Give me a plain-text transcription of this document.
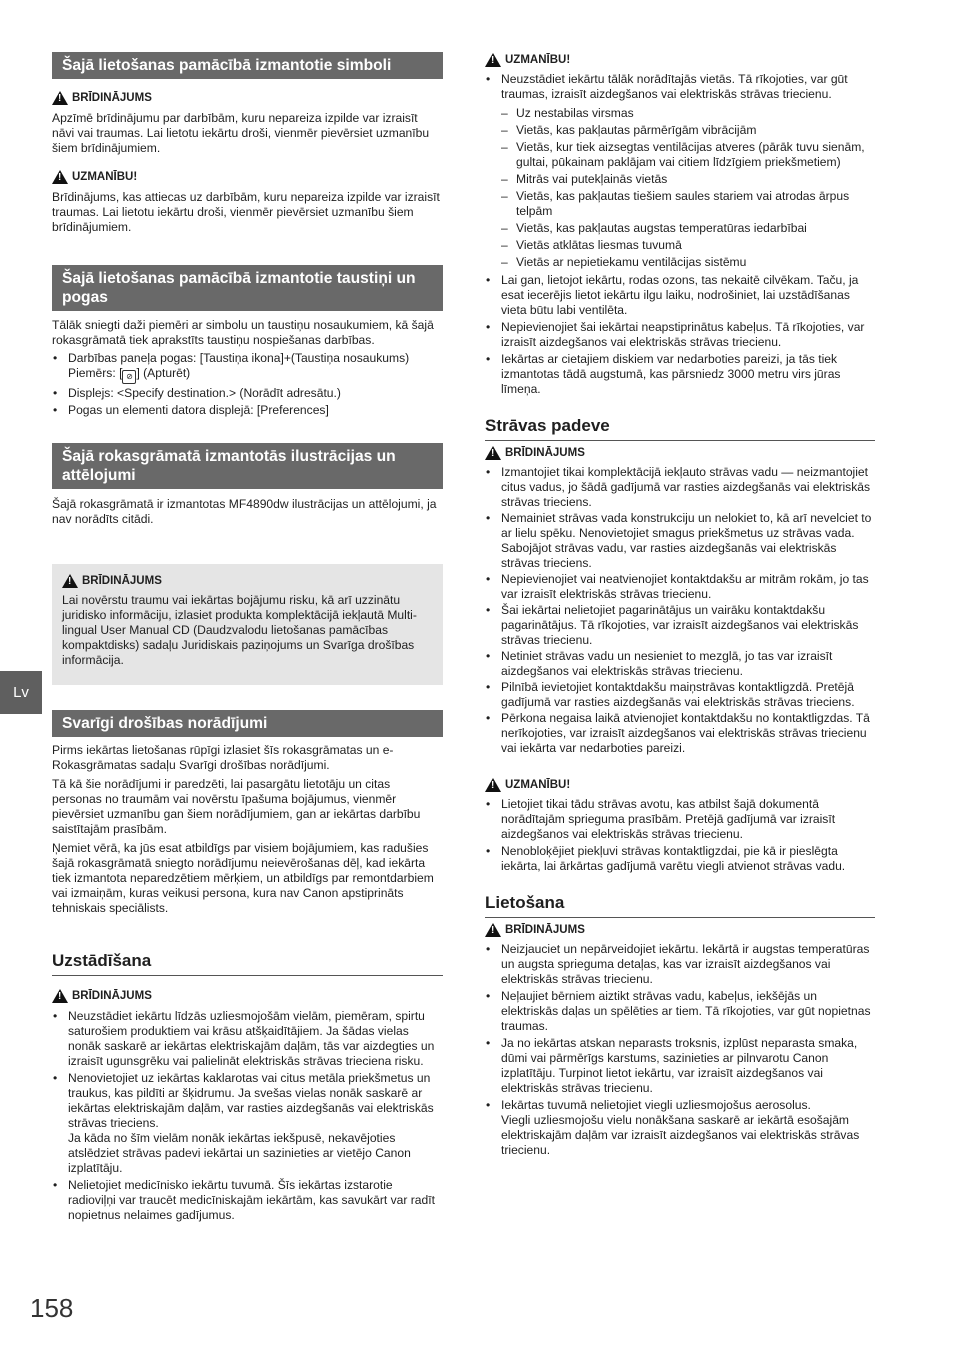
Šajā lietošanas pamācībā izmantotie simboli
!
BRĪDINĀJUMS

Apzīmē brīdinājumu par darbībām, kuru nepareiza izpilde var izraisīt nāvi vai traumas. Lai lietotu iekārtu droši, vienmēr pievērsiet uzmanību šiem brīdinājumiem.

!
UZMANĪBU!

Brīdinājums, kas attiecas uz darbībām, kuru nepareiza izpilde var izraisīt traumas. Lai lietotu iekārtu droši, vienmēr pievērsiet uzmanību šiem brīdinājumiem.

Šajā lietošanas pamācībā izmantotie taustiņi un pogas

Tālāk sniegti daži piemēri ar simbolu un taustiņu nosaukumiem, kā šajā rokasgrāmatā tiek aprakstīts taustiņu nospiešanas darbības.

• Darbības paneļa pogas: [Taustiņa ikona]+(Taustiņa nosaukums)
Piemērs: [ ⊘ ] (Apturēt)
• Displejs: <Specify destination.> (Norādīt adresātu.)
• Pogas un elementi datora displejā: [Preferences]
Šajā rokasgrāmatā izmantotās ilustrācijas un attēlojumi

Šajā rokasgrāmatā ir izmantotas MF4890dw ilustrācijas un attēlojumi, ja nav norādīts citādi.

!
BRĪDINĀJUMS

Lai novērstu traumu vai iekārtas bojājumu risku, kā arī uzzinātu juridisko informāciju, izlasiet produkta komplektācijā iekļautā Multi-lingual User Manual CD (Daudzvalodu lietošanas pamācības kompaktdisks) sadaļu Juridiskais paziņojums un Svarīga drošības informācija.

Svarīgi drošības norādījumi

Pirms iekārtas lietošanas rūpīgi izlasiet šīs rokasgrāmatas un e-Rokasgrāmatas sadaļu Svarīgi drošības norādījumi.

Tā kā šie norādījumi ir paredzēti, lai pasargātu lietotāju un citas personas no traumām vai novērstu īpašuma bojājumus, vienmēr pievērsiet uzmanību gan šiem norādījumiem, gan ar iekārtas darbību saistītajām prasībām.

Ņemiet vērā, ka jūs esat atbildīgs par visiem bojājumiem, kas radušies šajā rokasgrāmatā sniegto norādījumu neievērošanas dēļ, kad iekārta tiek izmantota neparedzētiem mērķiem, un atbildīgs par remontdarbiem vai izmaiņām, kuras veikusi persona, kura nav Canon apstiprināts tehniskais speciālists.

Uzstādīšana
!
BRĪDINĀJUMS
• Neuzstādiet iekārtu līdzās uzliesmojošām vielām, piemēram, spirtu saturošiem produktiem vai krāsu atšķaidītājiem. Ja šādas vielas nonāk saskarē ar iekārtas elektriskajām daļām, tās var aizdegties un izraisīt ugunsgrēku vai palielināt elektriskās strāvas trieciena risku.
• Nenovietojiet uz iekārtas kaklarotas vai citus metāla priekšmetus un traukus, kas pildīti ar šķidrumu. Ja svešas vielas nonāk saskarē ar iekārtas elektriskajām daļām, var rasties aizdegšanās vai elektriskās strāvas trieciens.
Ja kāda no šīm vielām nonāk iekārtas iekšpusē, nekavējoties atslēdziet strāvas padevi iekārtai un sazinieties ar vietējo Canon izplatītāju.
• Nelietojiet medicīnisko iekārtu tuvumā. Šīs iekārtas izstarotie radioviļņi var traucēt medicīniskajām iekārtām, kas savukārt var radīt nopietnus nelaimes gadījumus.
!
UZMANĪBU!
• Neuzstādiet iekārtu tālāk norādītajās vietās. Tā rīkojoties, var gūt traumas, izraisīt aizdegšanos vai elektriskās strāvas triecienu.
– Uz nestabilas virsmas
– Vietās, kas pakļautas pārmērīgām vibrācijām
– Vietās, kur tiek aizsegtas ventilācijas atveres (pārāk tuvu sienām, gultai, pūkainam paklājam vai citiem līdzīgiem priekšmetiem)
– Mitrās vai putekļainās vietās
– Vietās, kas pakļautas tiešiem saules stariem vai atrodas ārpus telpām
– Vietās, kas pakļautas augstas temperatūras iedarbībai
– Vietās atklātas liesmas tuvumā
– Vietās ar nepietiekamu ventilācijas sistēmu
• Lai gan, lietojot iekārtu, rodas ozons, tas nekaitē cilvēkam. Taču, ja esat iecerējis lietot iekārtu ilgu laiku, nodrošiniet, lai uzstādīšanas vieta būtu labi ventilēta.
• Nepievienojiet šai iekārtai neapstiprinātus kabeļus. Tā rīkojoties, var izraisīt aizdegšanos vai elektriskās strāvas triecienu.
• Iekārtas ar cietajiem diskiem var nedarboties pareizi, ja tās tiek izmantotas tādā augstumā, kas pārsniedz 3000 metru virs jūras līmeņa.
Strāvas padeve
!
BRĪDINĀJUMS
• Izmantojiet tikai komplektācijā iekļauto strāvas vadu — neizmantojiet citus vadus, jo šādā gadījumā var rasties aizdegšanās vai elektriskās strāvas trieciens.
• Nemainiet strāvas vada konstrukciju un nelokiet to, kā arī nevelciet to ar lielu spēku. Nenovietojiet smagus priekšmetus uz strāvas vada. Sabojājot strāvas vadu, var rasties aizdegšanās vai elektriskās strāvas trieciens.
• Nepievienojiet vai neatvienojiet kontaktdakšu ar mitrām rokām, jo tas var izraisīt elektriskās strāvas triecienu.
• Šai iekārtai nelietojiet pagarinātājus un vairāku kontaktdakšu pagarinātājus. Tā rīkojoties, var izraisīt aizdegšanos vai elektriskās strāvas triecienu.
• Netiniet strāvas vadu un nesieniet to mezglā, jo tas var izraisīt aizdegšanos vai elektriskās strāvas triecienu.
• Pilnībā ievietojiet kontaktdakšu maiņstrāvas kontaktligzdā. Pretējā gadījumā var rasties aizdegšanās vai elektriskās strāvas trieciens.
• Pērkona negaisa laikā atvienojiet kontaktdakšu no kontaktligzdas. Tā nerīkojoties, var izraisīt aizdegšanos vai elektriskās strāvas triecienu vai iekārta var nedarboties pareizi.
!
UZMANĪBU!
• Lietojiet tikai tādu strāvas avotu, kas atbilst šajā dokumentā norādītajām sprieguma prasībām. Pretējā gadījumā var izraisīt aizdegšanos vai elektriskās strāvas triecienu.
• Nenobloķējiet piekļuvi strāvas kontaktligzdai, pie kā ir pieslēgta iekārta, lai ārkārtas gadījumā varētu viegli atvienot strāvas vadu.
Lietošana
!
BRĪDINĀJUMS
• Neizjauciet un nepārveidojiet iekārtu. Iekārtā ir augstas temperatūras un augsta sprieguma detaļas, kas var izraisīt aizdegšanos vai elektriskās strāvas triecienu.
• Neļaujiet bērniem aiztikt strāvas vadu, kabeļus, iekšējās un elektriskās daļas un spēlēties ar tiem. Tā rīkojoties, var gūt nopietnas traumas.
• Ja no iekārtas atskan neparasts troksnis, izplūst neparasta smaka, dūmi vai pārmērīgs karstums, sazinieties ar pilnvarotu Canon izplatītāju. Turpinot lietot iekārtu, var izraisīt aizdegšanos vai elektriskās strāvas triecienu.
• Iekārtas tuvumā nelietojiet viegli uzliesmojošus aerosolus.
Viegli uzliesmojošu vielu nonākšana saskarē ar iekārtā esošajām elektriskajām daļām var izraisīt aizdegšanos vai elektriskās strāvas triecienu.
Lv
158
